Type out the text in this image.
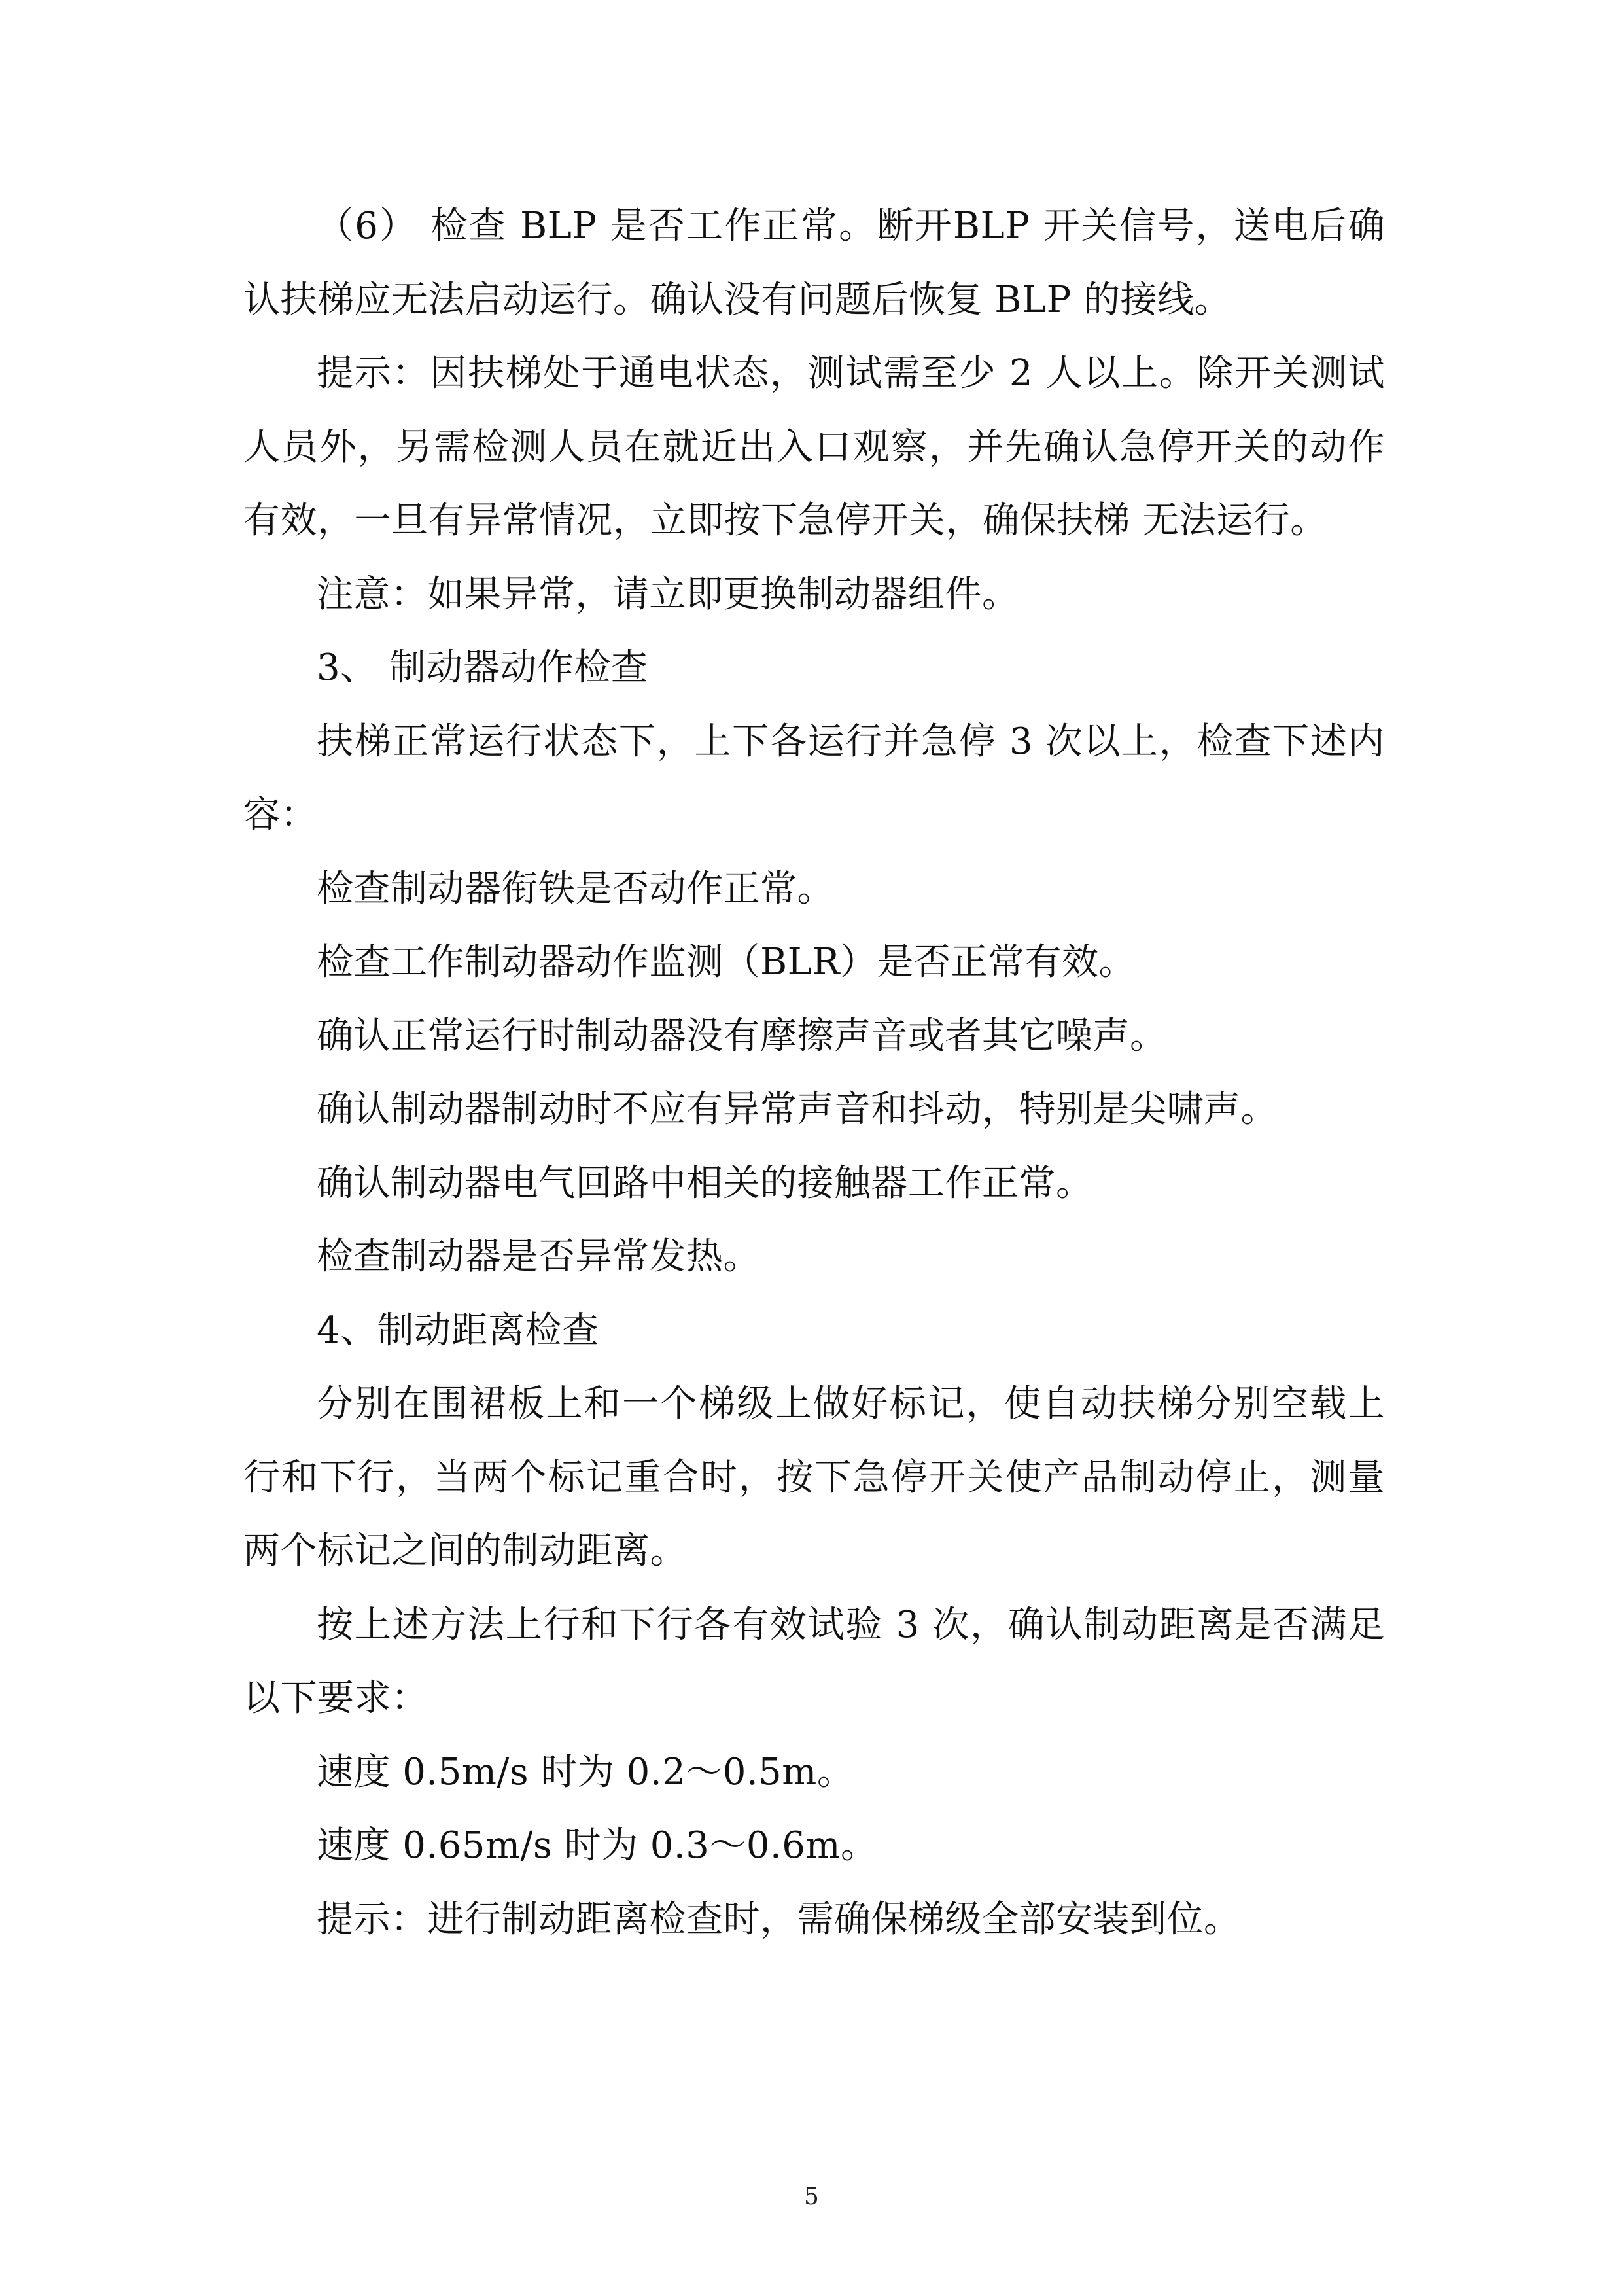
（6） 检查 BLP 是否工作正常。断开BLP 开关信号，送电后确认扶梯应无法启动运行。确认没有问题后恢复 BLP 的接线。

提示：因扶梯处于通电状态，测试需至少 2 人以上。除开关测试人员外，另需检测人员在就近出入口观察，并先确认急停开关的动作有效，一旦有异常情况，立即按下急停开关，确保扶梯 无法运行。

注意：如果异常，请立即更换制动器组件。

3、 制动器动作检查

扶梯正常运行状态下，上下各运行并急停 3 次以上，检查下述内容：

检查制动器衔铁是否动作正常。

检查工作制动器动作监测（BLR）是否正常有效。

确认正常运行时制动器没有摩擦声音或者其它噪声。

确认制动器制动时不应有异常声音和抖动，特别是尖啸声。

确认制动器电气回路中相关的接触器工作正常。

检查制动器是否异常发热。

4、制动距离检查

分别在围裙板上和一个梯级上做好标记，使自动扶梯分别空载上行和下行，当两个标记重合时，按下急停开关使产品制动停止，测量两个标记之间的制动距离。

按上述方法上行和下行各有效试验 3 次，确认制动距离是否满足以下要求：

速度 0.5m/s 时为 0.2～0.5m。

速度 0.65m/s 时为 0.3～0.6m。

提示：进行制动距离检查时，需确保梯级全部安装到位。

5
